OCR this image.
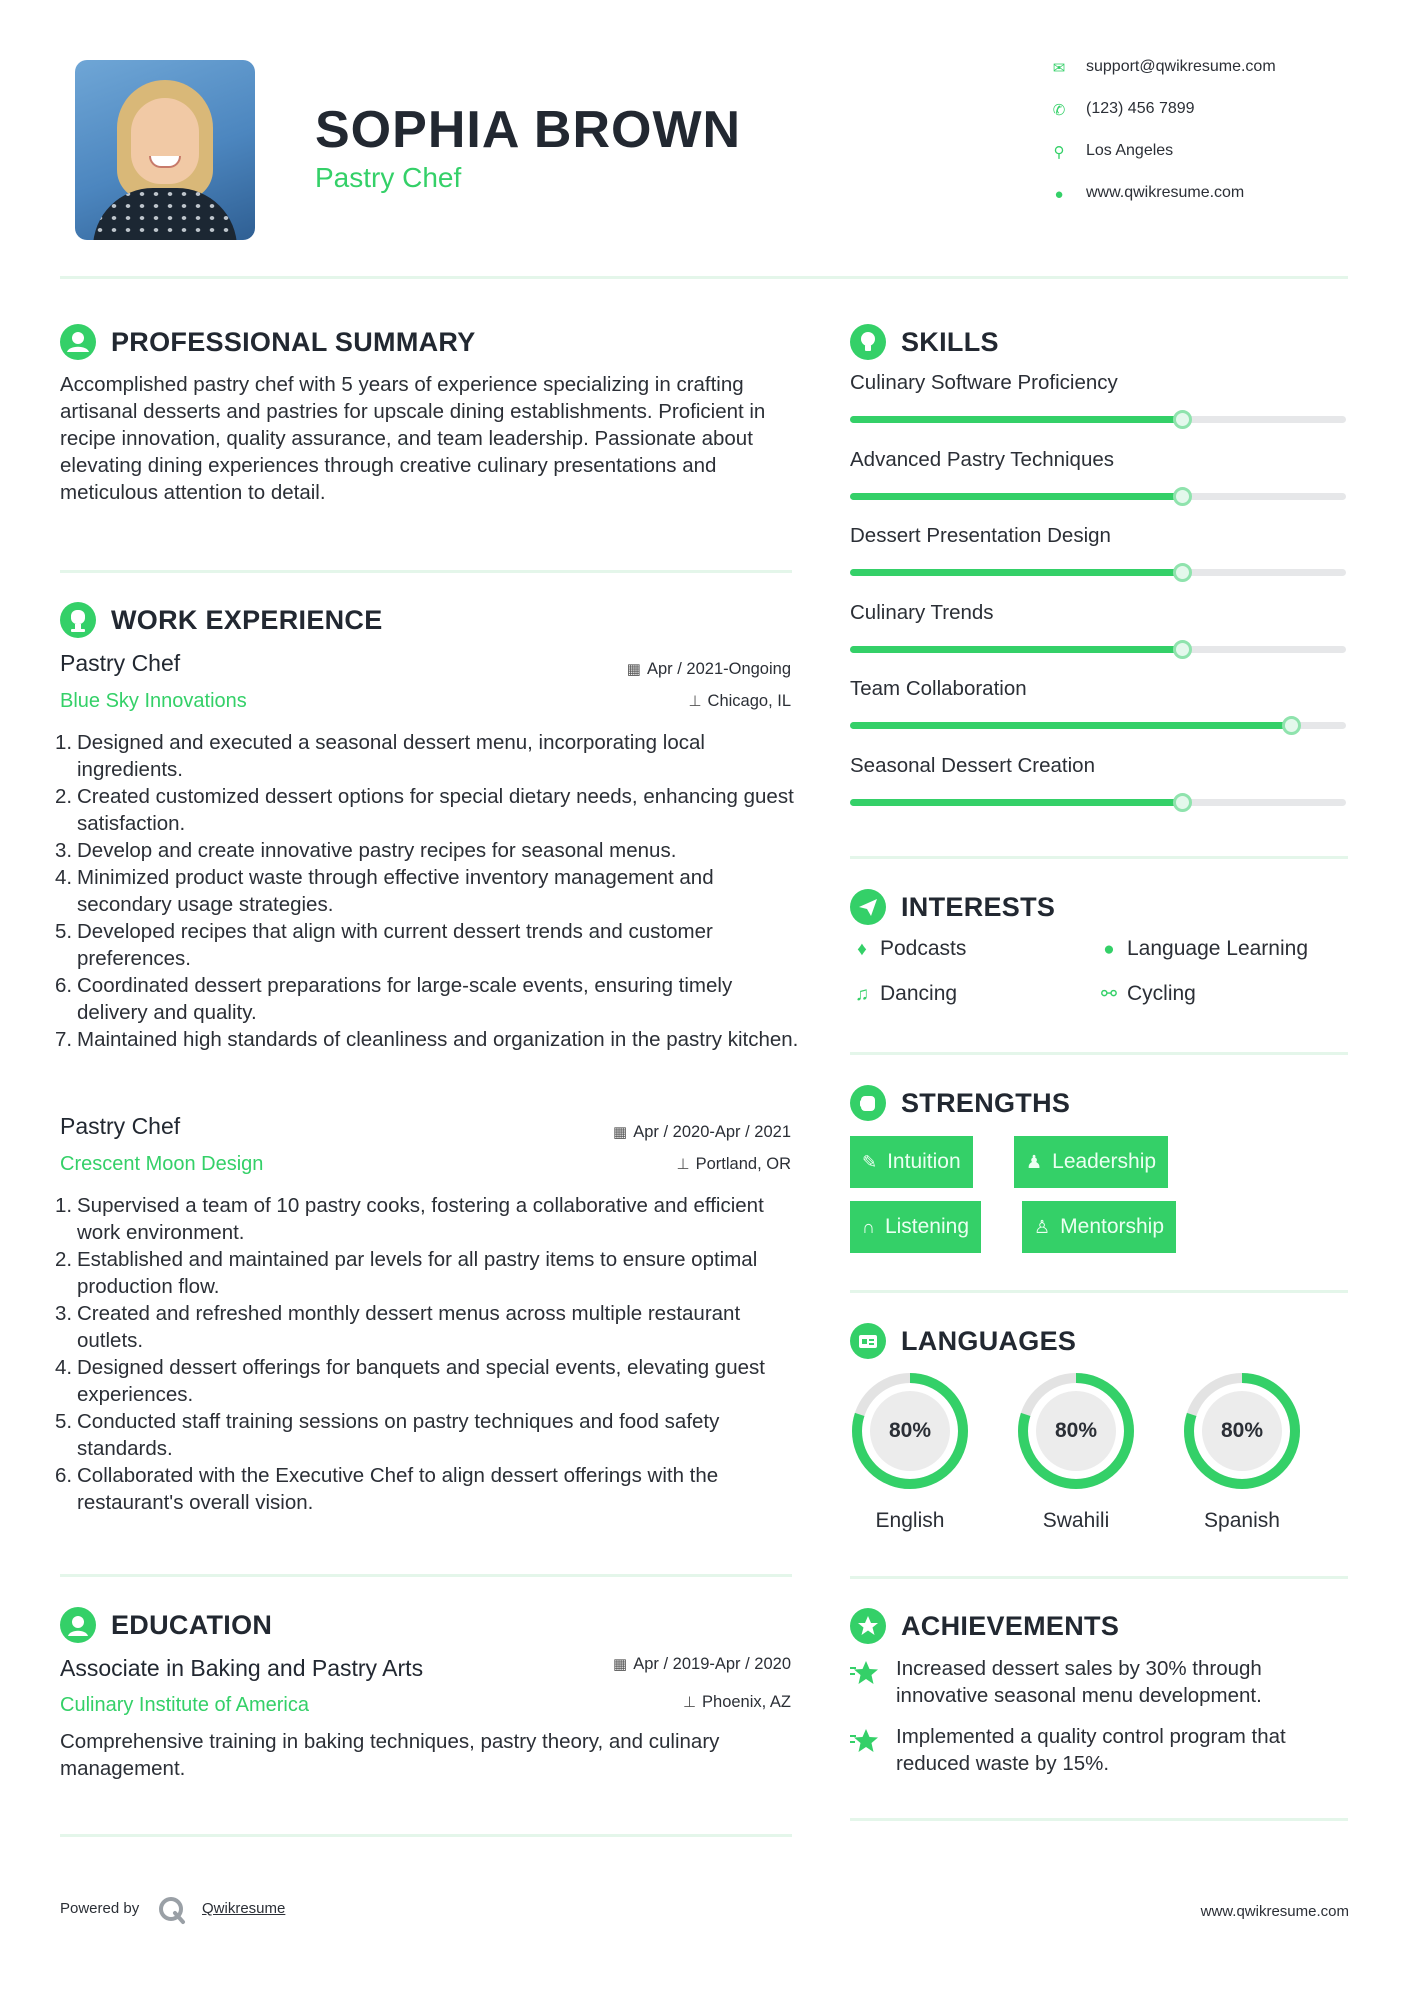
SOPHIA BROWN
Pastry Chef
✉ support@qwikresume.com
✆ (123) 456 7899
⚲ Los Angeles
● www.qwikresume.com
PROFESSIONAL SUMMARY
Accomplished pastry chef with 5 years of experience specializing in crafting artisanal desserts and pastries for upscale dining establishments. Proficient in recipe innovation, quality assurance, and team leadership. Passionate about elevating dining experiences through creative culinary presentations and meticulous attention to detail.
WORK EXPERIENCE
Pastry Chef
Blue Sky Innovations
▦ Apr / 2021-Ongoing
⊥ Chicago, IL
1. Designed and executed a seasonal dessert menu, incorporating local ingredients.
2. Created customized dessert options for special dietary needs, enhancing guest satisfaction.
3. Develop and create innovative pastry recipes for seasonal menus.
4. Minimized product waste through effective inventory management and secondary usage strategies.
5. Developed recipes that align with current dessert trends and customer preferences.
6. Coordinated dessert preparations for large-scale events, ensuring timely delivery and quality.
7. Maintained high standards of cleanliness and organization in the pastry kitchen.
Pastry Chef
Crescent Moon Design
▦ Apr / 2020-Apr / 2021
⊥ Portland, OR
1. Supervised a team of 10 pastry cooks, fostering a collaborative and efficient work environment.
2. Established and maintained par levels for all pastry items to ensure optimal production flow.
3. Created and refreshed monthly dessert menus across multiple restaurant outlets.
4. Designed dessert offerings for banquets and special events, elevating guest experiences.
5. Conducted staff training sessions on pastry techniques and food safety standards.
6. Collaborated with the Executive Chef to align dessert offerings with the restaurant's overall vision.
EDUCATION
Associate in Baking and Pastry Arts
Culinary Institute of America
▦ Apr / 2019-Apr / 2020
⊥ Phoenix, AZ
Comprehensive training in baking techniques, pastry theory, and culinary management.
SKILLS
Culinary Software Proficiency
Advanced Pastry Techniques
Dessert Presentation Design
Culinary Trends
Team Collaboration
Seasonal Dessert Creation
INTERESTS
♦ Podcasts	● Language Learning
♫ Dancing	⚯ Cycling
STRENGTHS
✎ Intuition	♟ Leadership
∩ Listening	♙ Mentorship
LANGUAGES
80%
English
80%
Swahili
80%
Spanish
ACHIEVEMENTS
Increased dessert sales by 30% through innovative seasonal menu development.
Implemented a quality control program that reduced waste by 15%.
Powered by	Qwikresume	www.qwikresume.com
